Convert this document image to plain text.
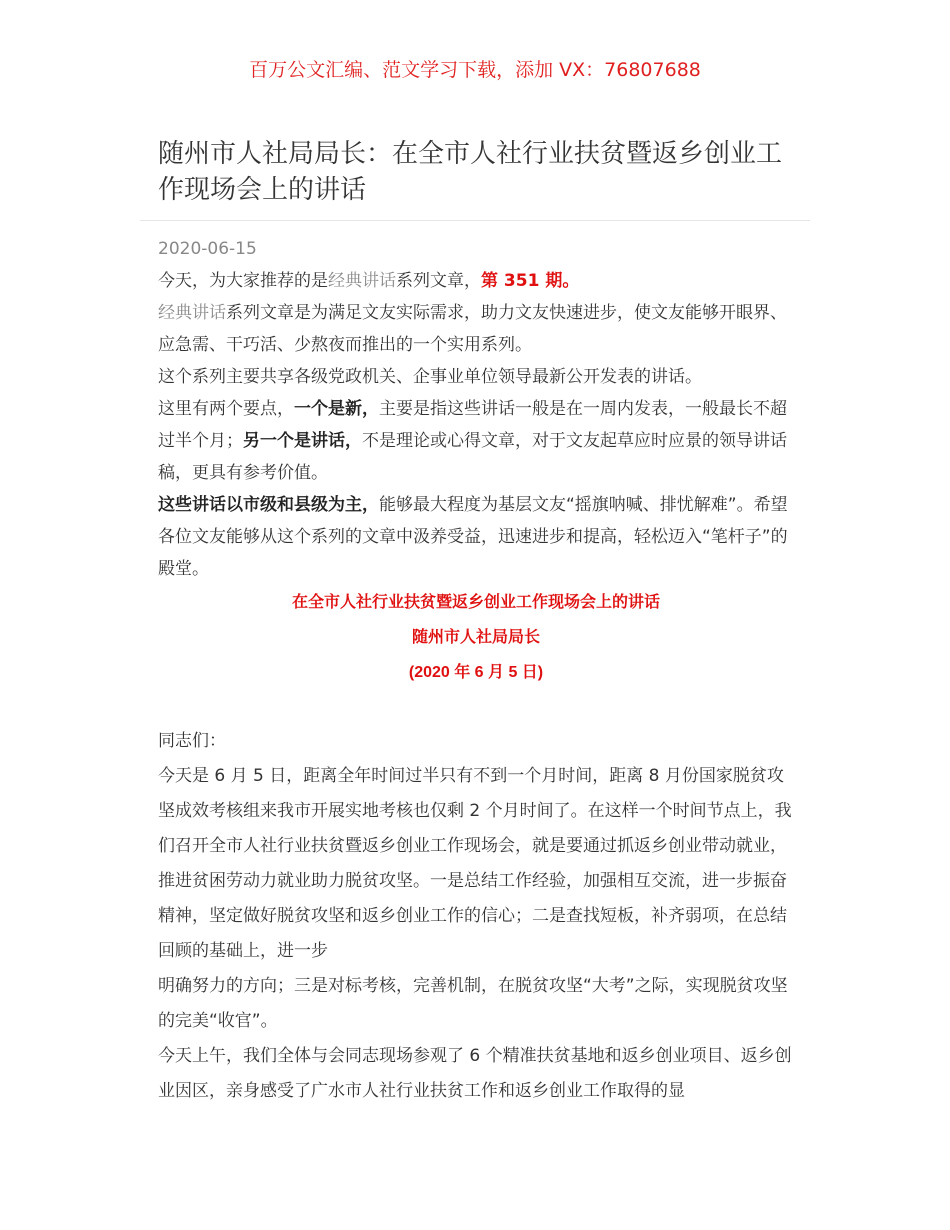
百万公文汇编、范文学习下载，添加 VX：76807688
随州市人社局局长：在全市人社行业扶贫暨返乡创业工作现场会上的讲话
2020-06-15

今天，为大家推荐的是经典讲话系列文章，第 351 期。

经典讲话系列文章是为满足文友实际需求，助力文友快速进步，使文友能够开眼界、应急需、干巧活、少熬夜而推出的一个实用系列。

这个系列主要共享各级党政机关、企事业单位领导最新公开发表的讲话。

这里有两个要点，一个是新，主要是指这些讲话一般是在一周内发表，一般最长不超过半个月；另一个是讲话，不是理论或心得文章，对于文友起草应时应景的领导讲话稿，更具有参考价值。

这些讲话以市级和县级为主，能够最大程度为基层文友“摇旗呐喊、排忧解难”。希望各位文友能够从这个系列的文章中汲养受益，迅速进步和提高，轻松迈入“笔杆子”的殿堂。

在全市人社行业扶贫暨返乡创业工作现场会上的讲话

随州市人社局局长

(2020 年 6 月 5 日)

同志们：

今天是 6 月 5 日，距离全年时间过半只有不到一个月时间，距离 8 月份国家脱贫攻坚成效考核组来我市开展实地考核也仅剩 2 个月时间了。在这样一个时间节点上，我们召开全市人社行业扶贫暨返乡创业工作现场会，就是要通过抓返乡创业带动就业，推进贫困劳动力就业助力脱贫攻坚。一是总结工作经验，加强相互交流，进一步振奋精神，坚定做好脱贫攻坚和返乡创业工作的信心；二是查找短板，补齐弱项，在总结回顾的基础上，进一步

明确努力的方向；三是对标考核，完善机制，在脱贫攻坚“大考”之际，实现脱贫攻坚的完美“收官”。

今天上午，我们全体与会同志现场参观了 6 个精准扶贫基地和返乡创业项目、返乡创业因区，亲身感受了广水市人社行业扶贫工作和返乡创业工作取得的显
